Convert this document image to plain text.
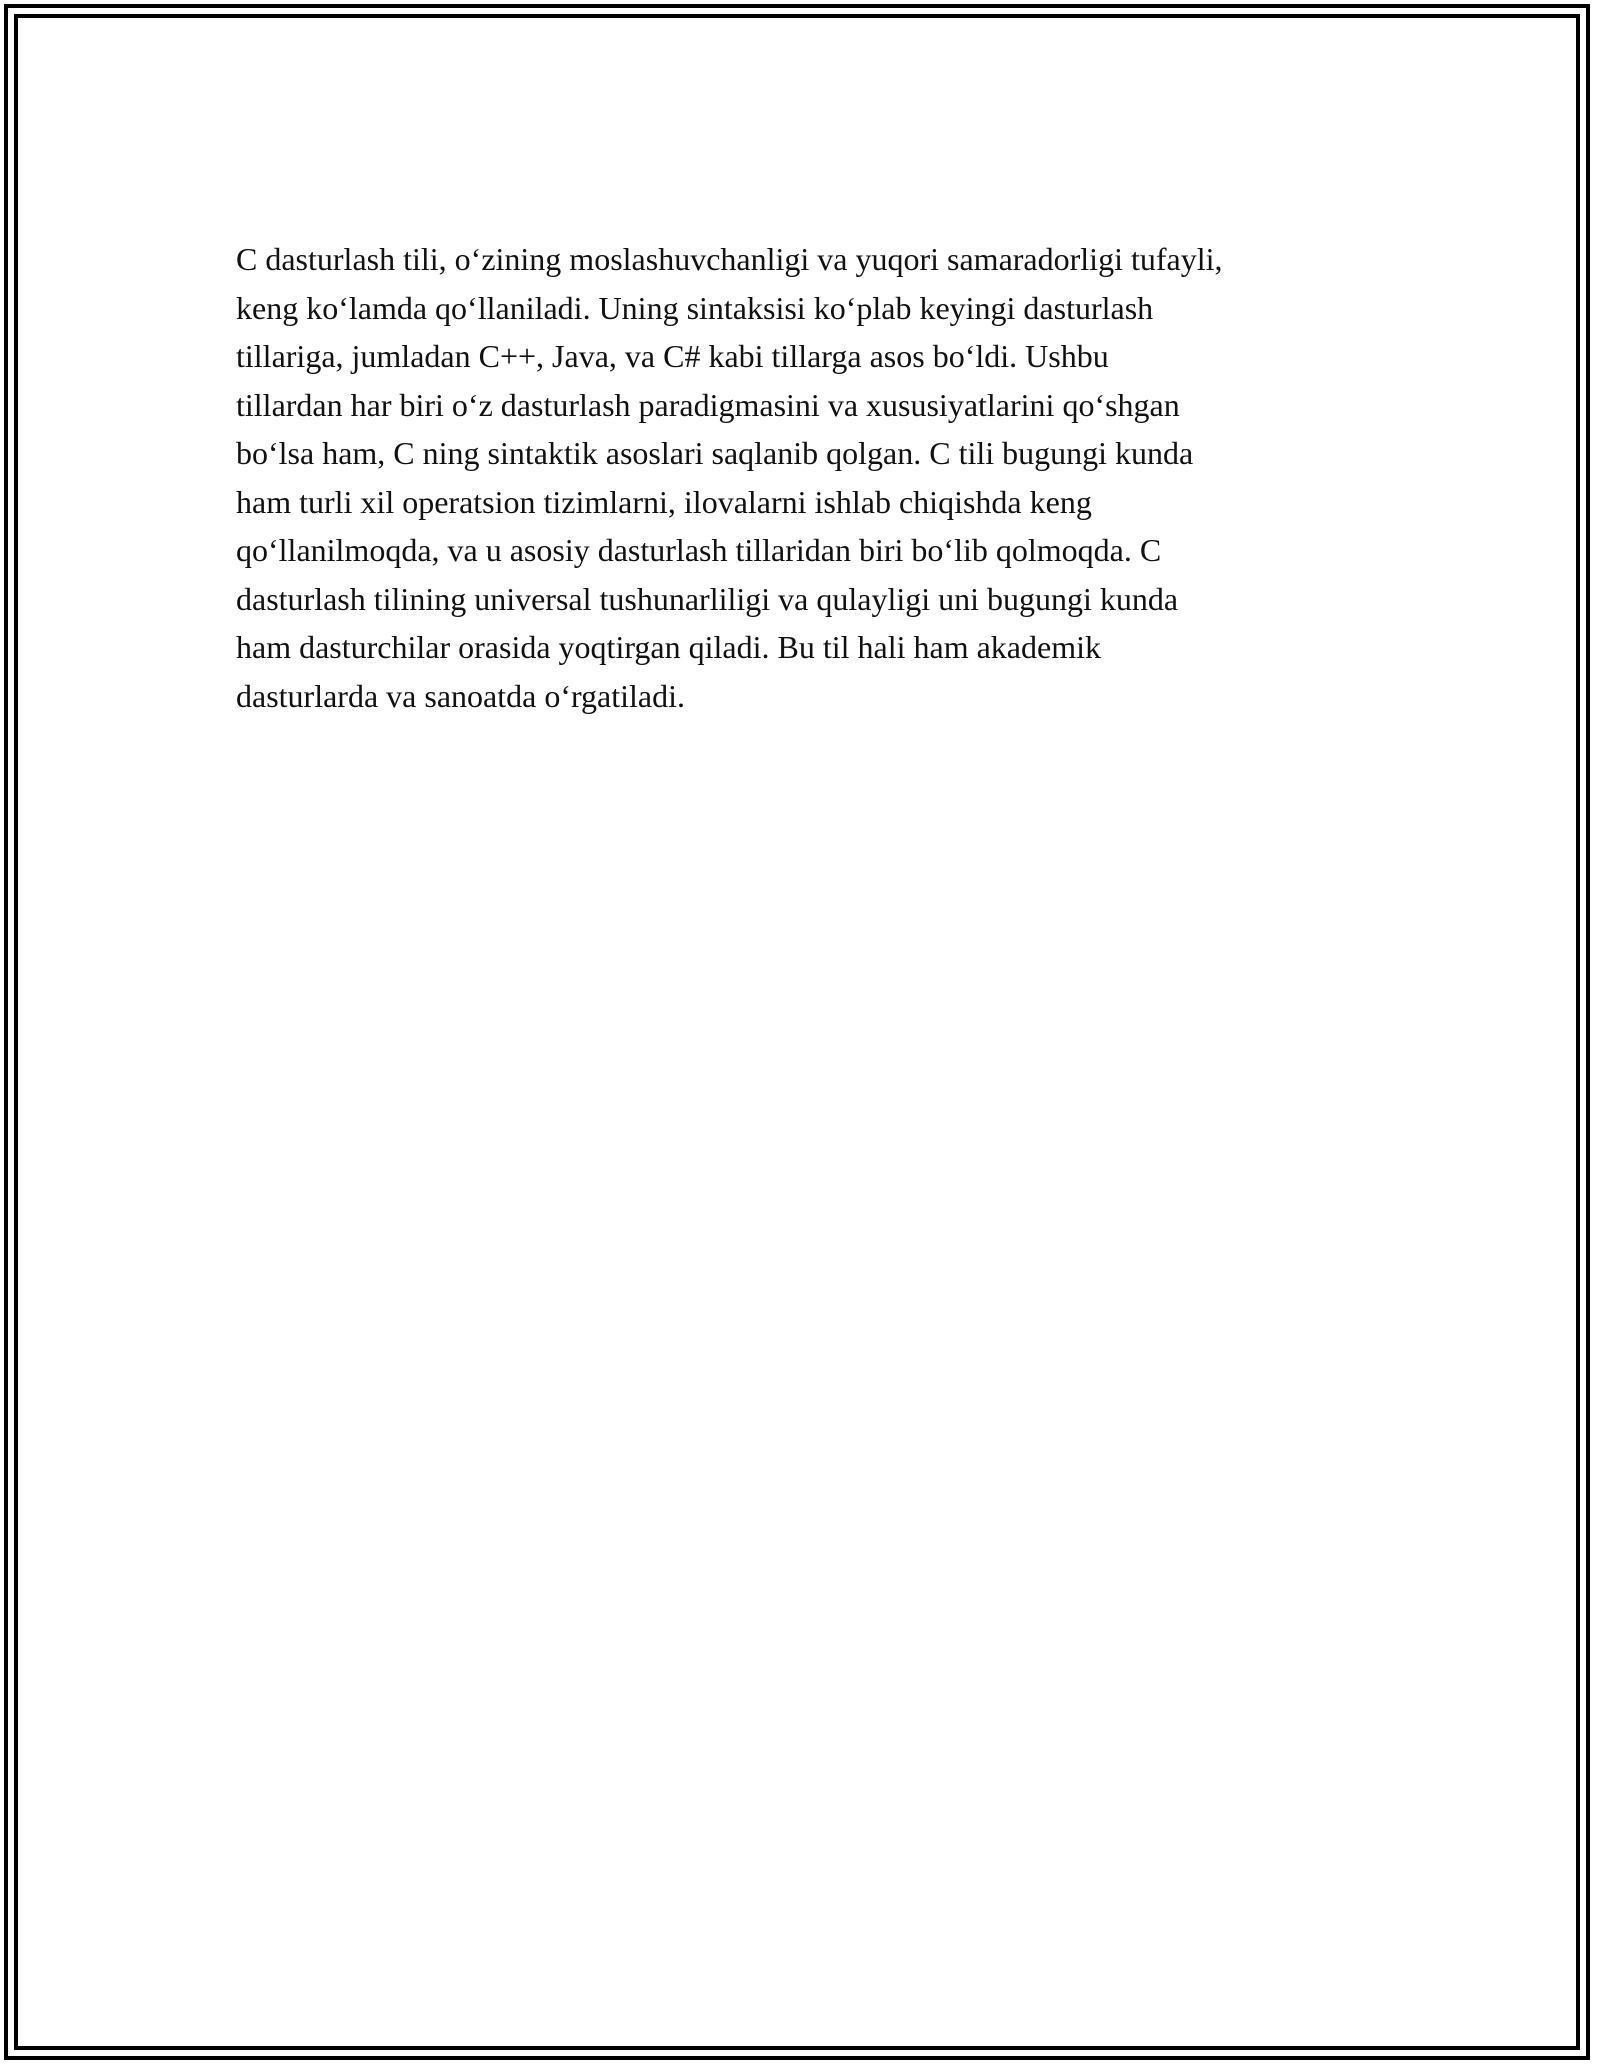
C dasturlash tili, o‘zining moslashuvchanligi va yuqori samaradorligi tufayli,
keng ko‘lamda qo‘llaniladi. Uning sintaksisi ko‘plab keyingi dasturlash
tillariga, jumladan C++, Java, va C# kabi tillarga asos bo‘ldi. Ushbu
tillardan har biri o‘z dasturlash paradigmasini va xususiyatlarini qo‘shgan
bo‘lsa ham, C ning sintaktik asoslari saqlanib qolgan. C tili bugungi kunda
ham turli xil operatsion tizimlarni, ilovalarni ishlab chiqishda keng
qo‘llanilmoqda, va u asosiy dasturlash tillaridan biri bo‘lib qolmoqda. C
dasturlash tilining universal tushunarliligi va qulayligi uni bugungi kunda
ham dasturchilar orasida yoqtirgan qiladi. Bu til hali ham akademik
dasturlarda va sanoatda o‘rgatiladi.
